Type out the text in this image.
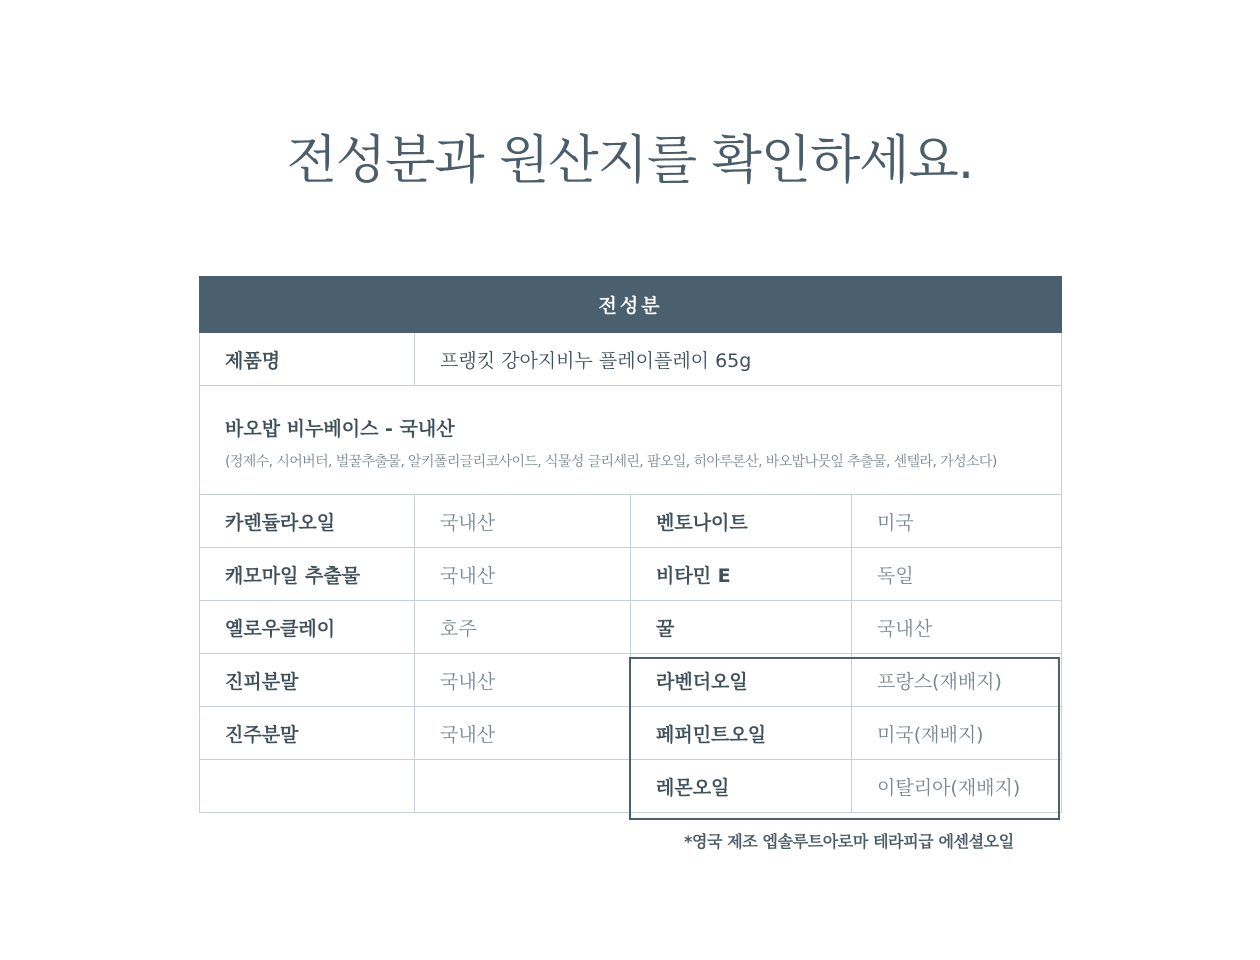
전성분과 원산지를 확인하세요.
전성분			
제품명	프랭킷 강아지비누 플레이플레이 65g		

바오밥 비누베이스 - 국내산
(정제수, 시어버터, 벌꿀추출물, 알키폴리글리코사이드, 식물성 글리세린, 팜오일, 히아루론산, 바오밥나뭇잎 추출물, 센텔라, 가성소다)			

카렌듈라오일	국내산	벤토나이트	미국
캐모마일 추출물	국내산	비타민 E	독일
옐로우클레이	호주	꿀	국내산
진피분말	국내산	라벤더오일	프랑스(재배지)
진주분말	국내산	페퍼민트오일	미국(재배지)
		레몬오일	이탈리아(재배지)

*영국 제조 엡솔루트아로마 테라피급 에센셜오일
